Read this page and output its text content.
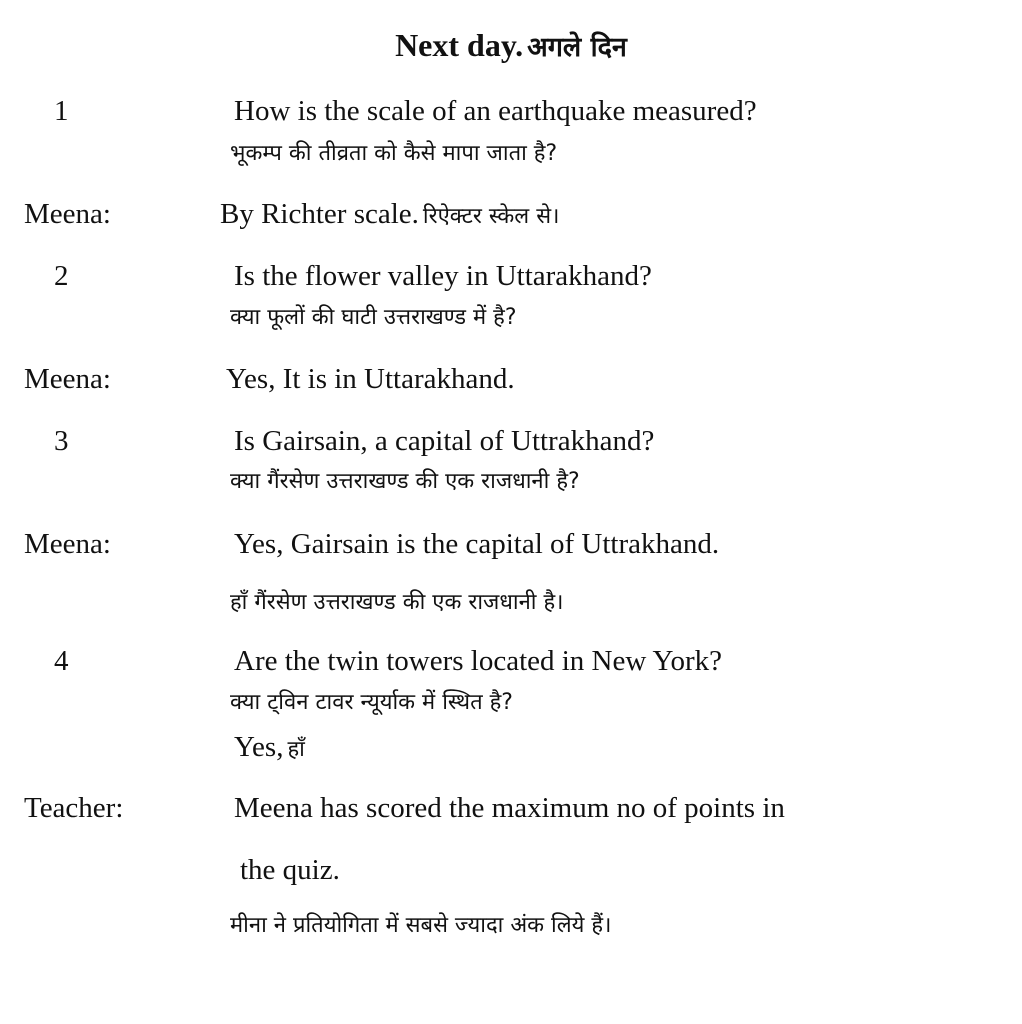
Next day. अगले दिन
1	How is the scale of an earthquake measured?
भूकम्प की तीव्रता को कैसे मापा जाता है?
Meena:	By Richter scale. रिऐक्टर स्केल से।
2	Is the flower valley in Uttarakhand?
क्या फूलों की घाटी उत्तराखण्ड में है?
Meena:	Yes, It is in Uttarakhand.
3	Is Gairsain, a capital of Uttrakhand?
क्या गैंरसेण उत्तराखण्ड की एक राजधानी है?
Meena:	Yes, Gairsain is the capital of Uttrakhand.
हाँ गैंरसेण उत्तराखण्ड की एक राजधानी है।
4	Are the twin towers located in New York?
क्या ट्विन टावर न्यूर्याक में स्थित है?
Yes, हाँ
Teacher:	Meena has scored the maximum no of points in
the quiz.
मीना ने प्रतियोगिता में सबसे ज्यादा अंक लिये हैं।
